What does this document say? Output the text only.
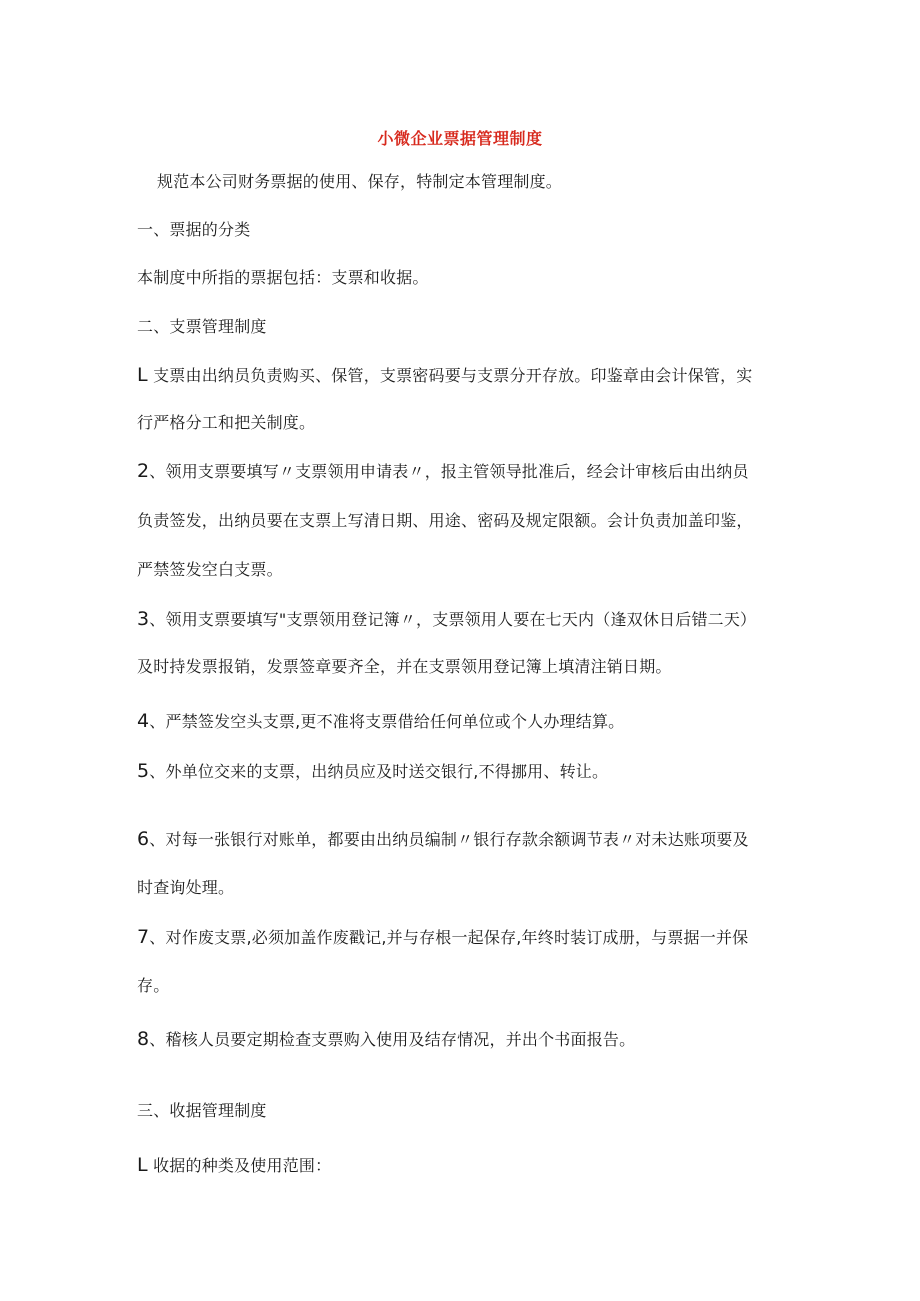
小微企业票据管理制度
规范本公司财务票据的使用、保存，特制定本管理制度。
一、票据的分类
本制度中所指的票据包括：支票和收据。
二、支票管理制度
L 支票由出纳员负责购买、保管，支票密码要与支票分开存放。印鉴章由会计保管，实
行严格分工和把关制度。
2、领用支票要填写〃支票领用申请表〃，报主管领导批准后，经会计审核后由出纳员
负责签发，出纳员要在支票上写清日期、用途、密码及规定限额。会计负责加盖印鉴，
严禁签发空白支票。
3、领用支票要填写"支票领用登记簿〃，支票领用人要在七天内（逢双休日后错二天）
及时持发票报销，发票签章要齐全，并在支票领用登记簿上填清注销日期。
4、严禁签发空头支票,更不准将支票借给任何单位或个人办理结算。
5、外单位交来的支票，出纳员应及时送交银行,不得挪用、转让。
6、对每一张银行对账单，都要由出纳员编制〃银行存款余额调节表〃对未达账项要及
时查询处理。
7、对作废支票,必须加盖作废戳记,并与存根一起保存,年终时装订成册，与票据一并保
存。
8、稽核人员要定期检查支票购入使用及结存情况，并出个书面报告。
三、收据管理制度
L 收据的种类及使用范围：
